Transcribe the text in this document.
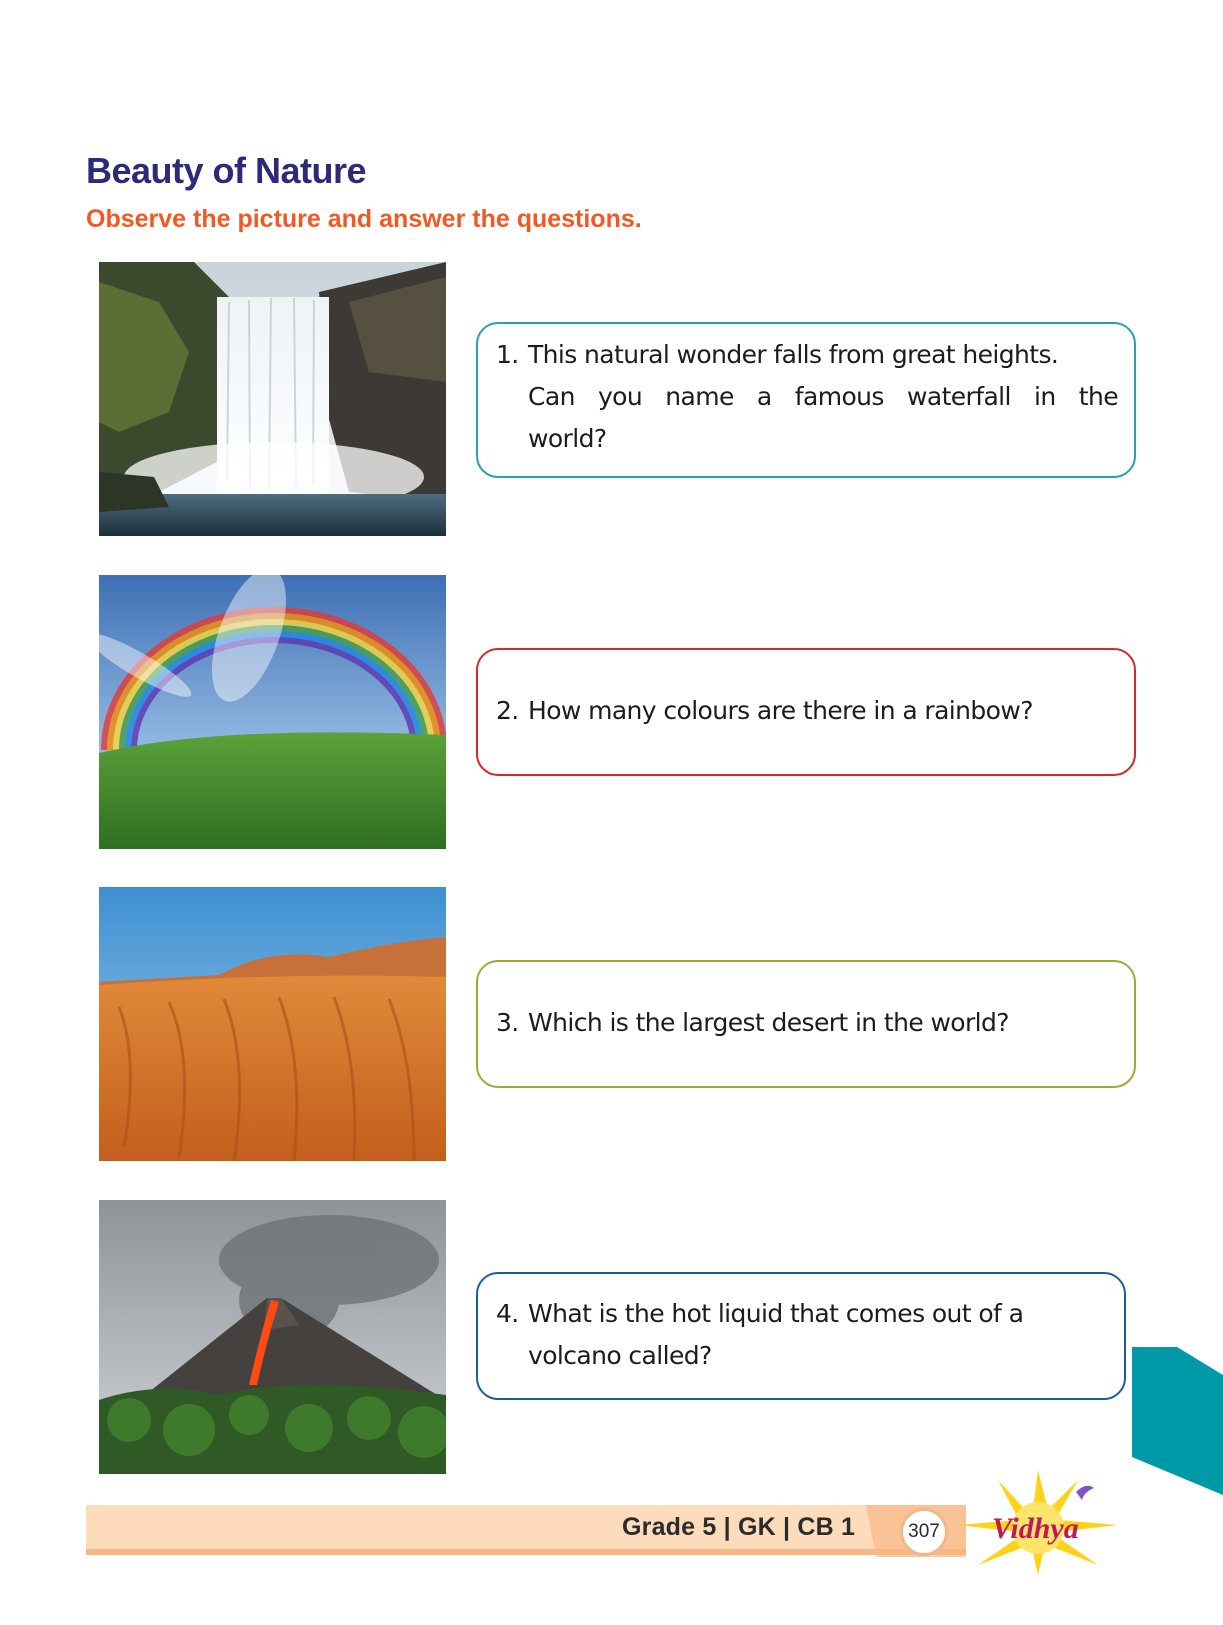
Beauty of Nature
Observe the picture and answer the questions.
1. This natural wonder falls from great heights.
Can you name a famous waterfall in the
world?
2. How many colours are there in a rainbow?
3. Which is the largest desert in the world?
4. What is the hot liquid that comes out of a
volcano called?
Grade 5 | GK | CB 1	307 Vidhya
